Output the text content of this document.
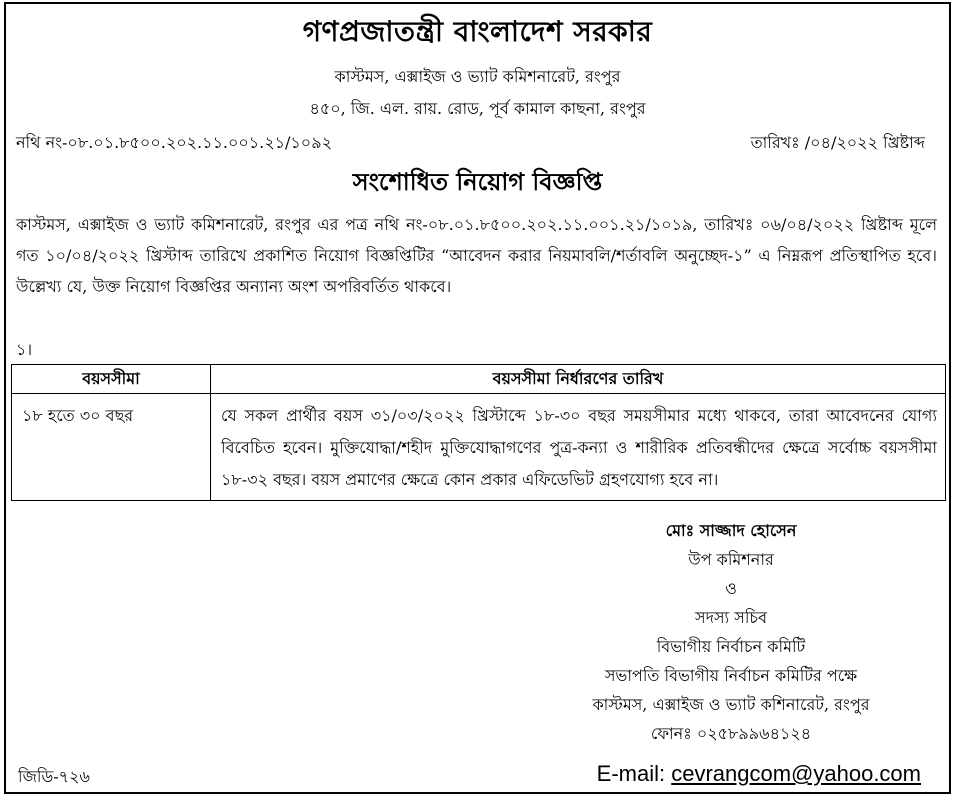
গণপ্রজাতন্ত্রী বাংলাদেশ সরকার
কাস্টমস, এক্সাইজ ও ভ্যাট কমিশনারেট, রংপুর
৪৫০, জি. এল. রায়. রোড, পূর্ব কামাল কাছনা, রংপুর
নথি নং-০৮.০১.৮৫০০.২০২.১১.০০১.২১/১০৯২	তারিখঃ /০৪/২০২২ খ্রিষ্টাব্দ
সংশোধিত নিয়োগ বিজ্ঞপ্তি
কাস্টমস, এক্সাইজ ও ভ্যাট কমিশনারেট, রংপুর এর পত্র নথি নং-০৮.০১.৮৫০০.২০২.১১.০০১.২১/১০১৯, তারিখঃ ০৬/০৪/২০২২ খ্রিষ্টাব্দ মূলে গত ১০/০৪/২০২২ খ্রিস্টাব্দ তারিখে প্রকাশিত নিয়োগ বিজ্ঞপ্তিটির “আবেদন করার নিয়মাবলি/শর্তাবলি অনুচ্ছেদ-১” এ নিম্নরূপ প্রতিস্থাপিত হবে। উল্লেখ্য যে, উক্ত নিয়োগ বিজ্ঞপ্তির অন্যান্য অংশ অপরিবর্তিত থাকবে।
১।
বয়সসীমা	বয়সসীমা নির্ধারণের তারিখ
১৮ হতে ৩০ বছর	যে সকল প্রার্থীর বয়স ৩১/০৩/২০২২ খ্রিস্টাব্দে ১৮-৩০ বছর সময়সীমার মধ্যে থাকবে, তারা আবেদনের যোগ্য বিবেচিত হবেন। মুক্তিযোদ্ধা/শহীদ মুক্তিযোদ্ধাগণের পুত্র-কন্যা ও শারীরিক প্রতিবন্ধীদের ক্ষেত্রে সর্বোচ্চ বয়সসীমা ১৮-৩২ বছর। বয়স প্রমাণের ক্ষেত্রে কোন প্রকার এফিডেভিট গ্রহণযোগ্য হবে না।
মোঃ সাজ্জাদ হোসেন
উপ কমিশনার
ও
সদস্য সচিব
বিভাগীয় নির্বাচন কমিটি
সভাপতি বিভাগীয় নির্বাচন কমিটির পক্ষে
কাস্টমস, এক্সাইজ ও ভ্যাট কশিনারেট, রংপুর
ফোনঃ ০২৫৮৯৯৬৪১২৪
জিডি-৭২৬	E-mail: cevrangcom@yahoo.com
